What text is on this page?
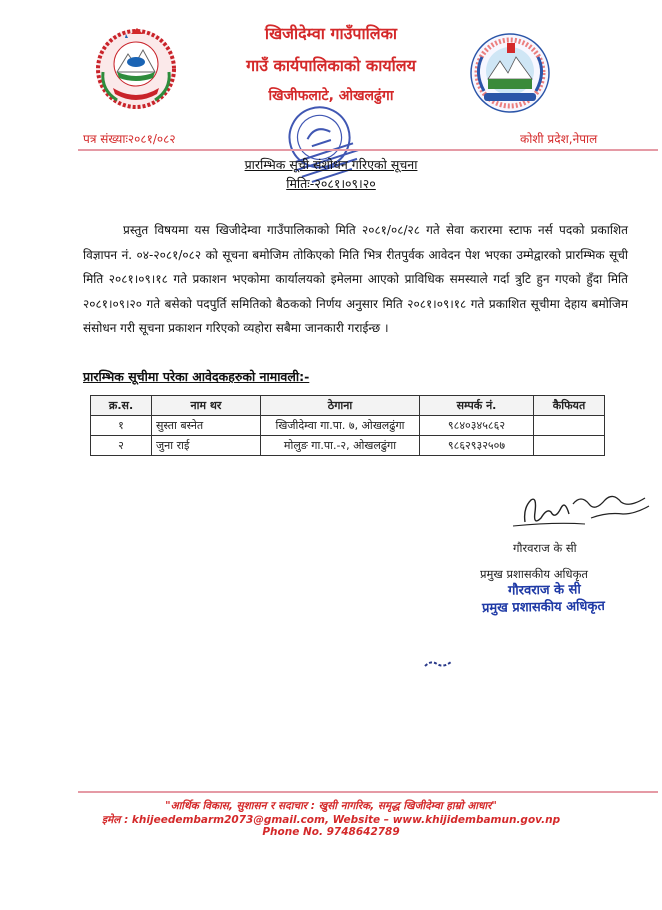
खिजीदेम्वा गाउँपालिका
गाउँ कार्यपालिकाको कार्यालय
खिजीफलाटे, ओखलढुंगा
पत्र संख्याः२०८१/०८२	कोशी प्रदेश,नेपाल
प्रारम्भिक सूची संशोधन गरिएको सूचना
मितिः-२०८१।०९।२०
प्रस्तुत विषयमा यस खिजीदेम्वा गाउँपालिकाको मिति २०८१/०८/२८ गते सेवा करारमा स्टाफ नर्स पदको प्रकाशित विज्ञापन नं. ०४-२०८१/०८२ को सूचना बमोजिम तोकिएको मिति भित्र रीतपुर्वक आवेदन पेश भएका उम्मेद्वारको प्रारम्भिक सूची मिति २०८१।०९।१८ गते प्रकाशन भएकोमा कार्यालयको इमेलमा आएको प्राविधिक समस्याले गर्दा त्रुटि हुन गएको हुँदा मिति २०८१।०९।२० गते बसेको पदपुर्ति समितिको बैठकको निर्णय अनुसार मिति २०८१।०९।१८ गते प्रकाशित सूचीमा देहाय बमोजिम संसोधन गरी सूचना प्रकाशन गरिएको व्यहोरा सबैमा जानकारी गराईन्छ ।
प्रारम्भिक सूचीमा परेका आवेदकहरुको नामावली:-
क्र.स.	नाम थर	ठेगाना	सम्पर्क नं.	कैफियत
१	सुस्ता बस्नेत	खिजीदेम्वा गा.पा. ७, ओखलढुंगा	९८४०३४५८६२	
२	जुना राई	मोलुङ गा.पा.-२, ओखलढुंगा	९८६२९३२५०७	
गौरवराज के सी
प्रमुख प्रशासकीय अधिकृत
गौरवराज के सी
प्रमुख प्रशासकीय अधिकृत
"आर्थिक विकास, सुशासन र सदाचार : खुसी नागरिक, समृद्ध खिजीदेम्वा हाम्रो आधार"
इमेल : khijeedembarm2073@gmail.com, Website – www.khijidembamun.gov.np
Phone No. 9748642789
